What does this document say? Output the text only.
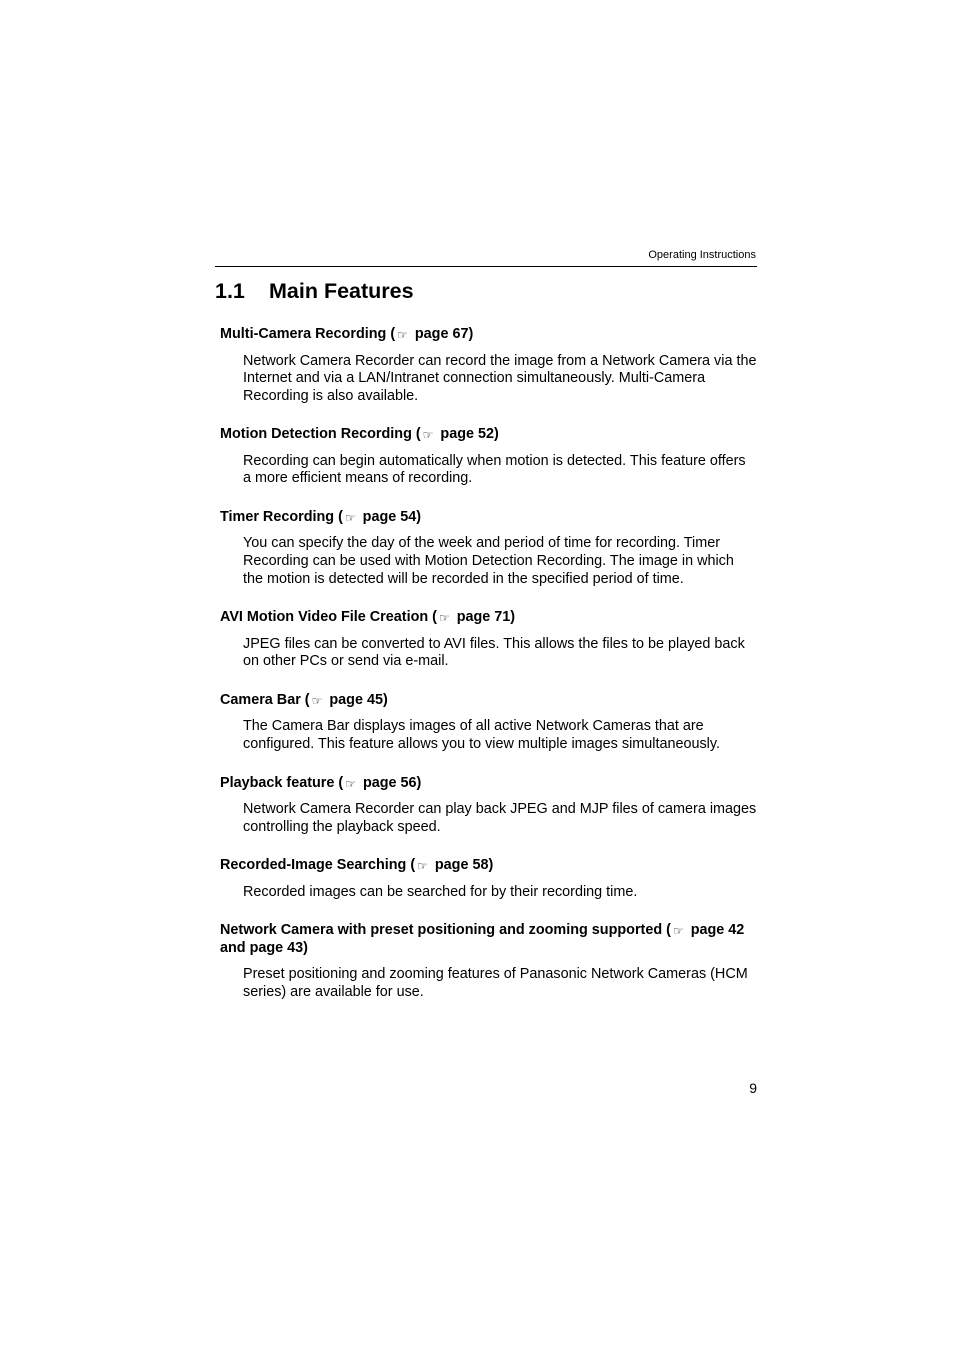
Operating Instructions
1.1 Main Features

Multi-Camera Recording ( ☞ page 67)

Network Camera Recorder can record the image from a Network Camera via the Internet and via a LAN/Intranet connection simultaneously. Multi-Camera Recording is also available.

Motion Detection Recording ( ☞ page 52)

Recording can begin automatically when motion is detected. This feature offers a more efficient means of recording.

Timer Recording ( ☞ page 54)

You can specify the day of the week and period of time for recording. Timer Recording can be used with Motion Detection Recording. The image in which the motion is detected will be recorded in the specified period of time.

AVI Motion Video File Creation ( ☞ page 71)

JPEG files can be converted to AVI files. This allows the files to be played back on other PCs or send via e-mail.

Camera Bar ( ☞ page 45)

The Camera Bar displays images of all active Network Cameras that are configured. This feature allows you to view multiple images simultaneously.

Playback feature ( ☞ page 56)

Network Camera Recorder can play back JPEG and MJP files of camera images controlling the playback speed.

Recorded-Image Searching ( ☞ page 58)

Recorded images can be searched for by their recording time.

Network Camera with preset positioning and zooming supported ( ☞ page 42 and page 43)

Preset positioning and zooming features of Panasonic Network Cameras (HCM series) are available for use.

9
